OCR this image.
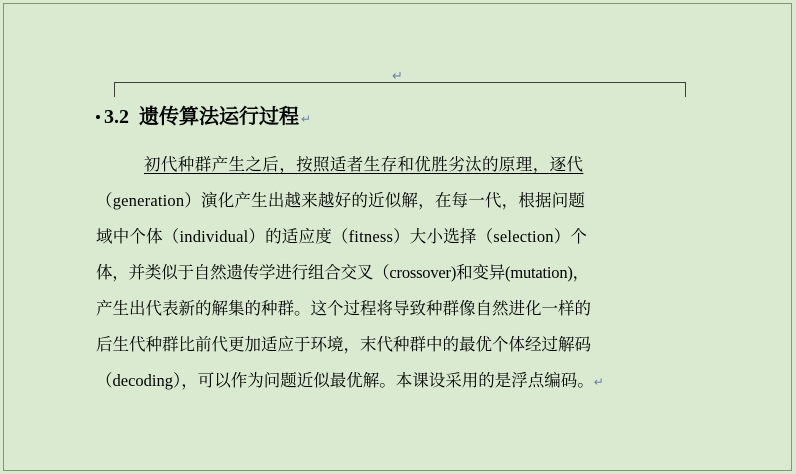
↵
3.2 遗传算法运行过程 ↵

初代种群产生之后，按照适者生存和优胜劣汰的原理，逐代
（generation）演化产生出越来越好的近似解，在每一代，根据问题
域中个体（individual）的适应度（fitness）大小选择（selection）个
体，并类似于自然遗传学进行组合交叉（crossover)和变异(mutation)，
产生出代表新的解集的种群。这个过程将导致种群像自然进化一样的
后生代种群比前代更加适应于环境，末代种群中的最优个体经过解码
（decoding），可以作为问题近似最优解。本课设采用的是浮点编码。↵
